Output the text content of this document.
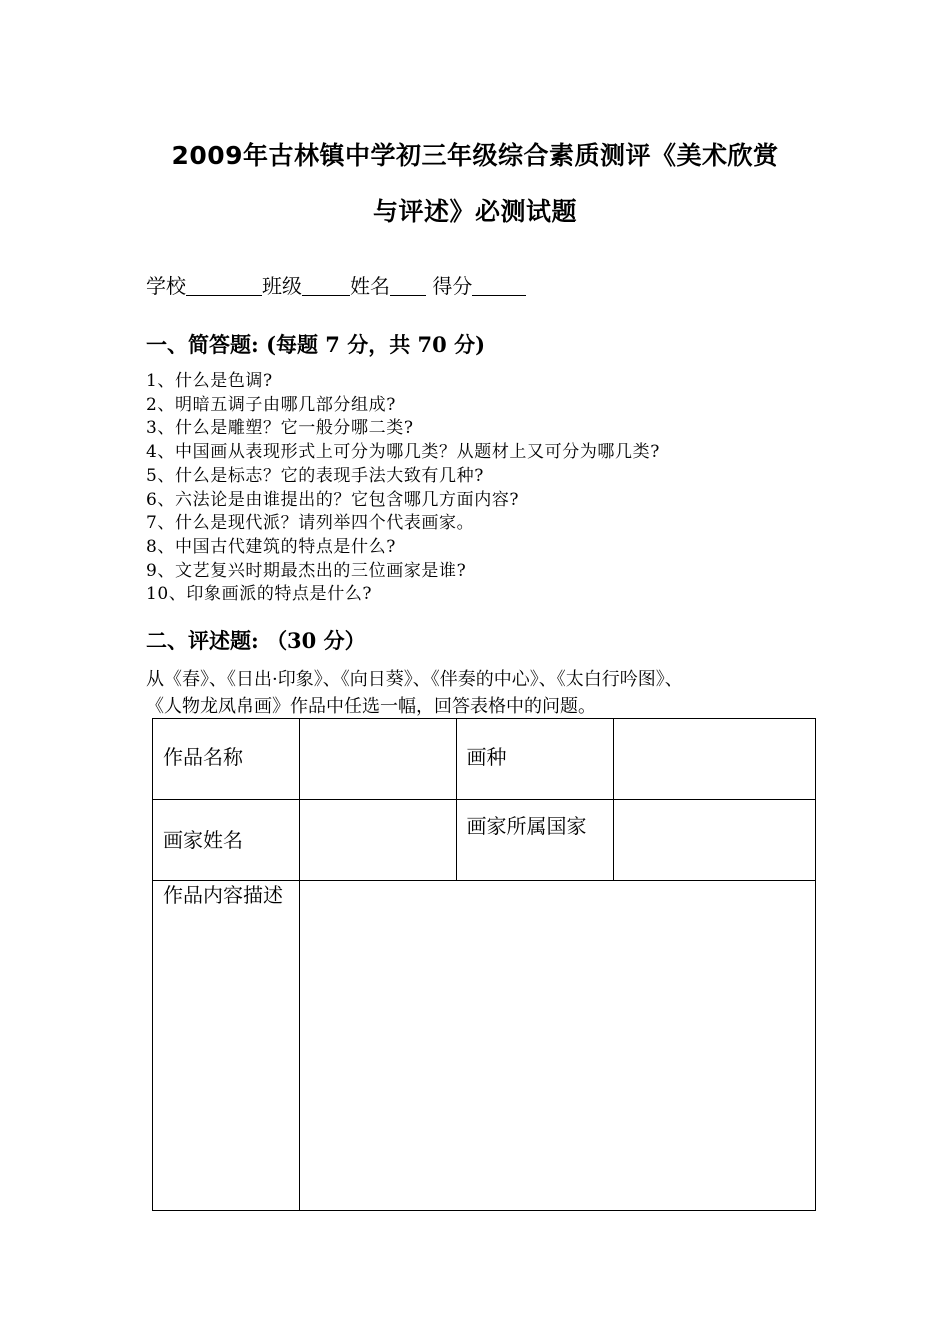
2009年古林镇中学初三年级综合素质测评《美术欣赏
与评述》必测试题
学校	班级 姓名 得分
一、简答题: (每题 7 分，共 70 分)
1、什么是色调?
2、明暗五调子由哪几部分组成?
3、什么是雕塑？它一般分哪二类?
4、中国画从表现形式上可分为哪几类？从题材上又可分为哪几类?
5、什么是标志？它的表现手法大致有几种?
6、六法论是由谁提出的？它包含哪几方面内容?
7、什么是现代派？请列举四个代表画家。
8、中国古代建筑的特点是什么?
9、文艺复兴时期最杰出的三位画家是谁?
10、印象画派的特点是什么?
二、评述题: （30 分）
从《春》、《日出·印象》、《向日葵》、《伴奏的中心》、《太白行吟图》、
《人物龙凤帛画》作品中任选一幅，回答表格中的问题。
作品名称		画种	
画家姓名		画家所属国家	
作品内容描述			
